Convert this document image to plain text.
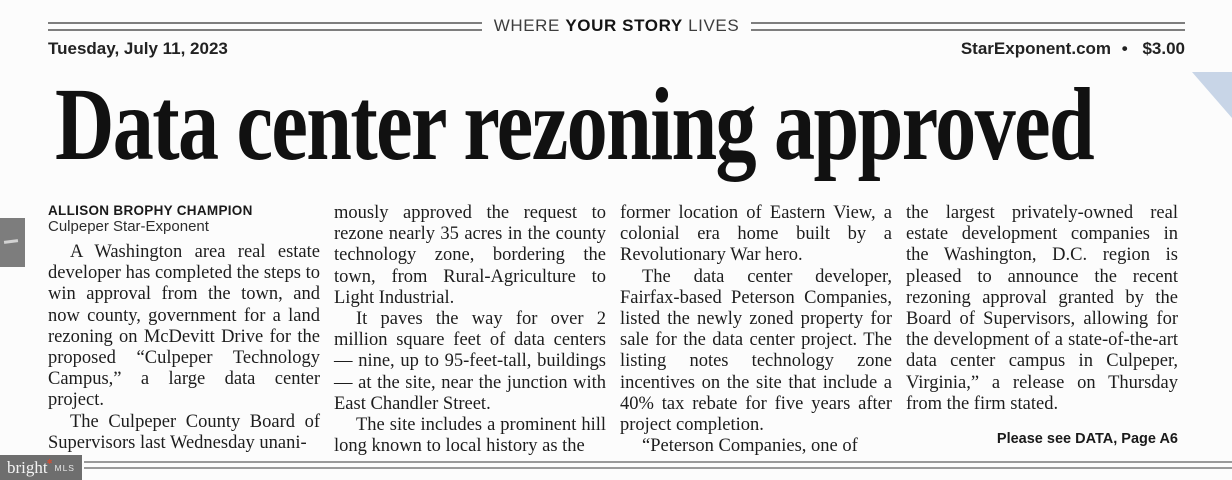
WHERE YOUR STORY LIVES
Tuesday, July 11, 2023	StarExponent.com • $3.00
Data center rezoning approved
ALLISON BROPHY CHAMPION
Culpeper Star-Exponent

A Washington area real estate developer has completed the steps to win approval from the town, and now county, government for a land rezoning on McDevitt Drive for the proposed “Culpeper Technology Campus,” a large data center project.

The Culpeper County Board of Supervisors last Wednesday unani-

mously approved the request to rezone nearly 35 acres in the county technology zone, bordering the town, from Rural-Agriculture to Light Industrial.

It paves the way for over 2 million square feet of data centers — nine, up to 95-feet-tall, buildings — at the site, near the junction with East Chandler Street.

The site includes a prominent hill long known to local history as the

former location of Eastern View, a colonial era home built by a Revolutionary War hero.

The data center developer, Fairfax-based Peterson Companies, listed the newly zoned property for sale for the data center project. The listing notes technology zone incentives on the site that include a 40% tax rebate for five years after project completion.

“Peterson Companies, one of

the largest privately-owned real estate development companies in the Washington, D.C. region is pleased to announce the recent rezoning approval granted by the Board of Supervisors, allowing for the development of a state-of-the-art data center campus in Culpeper, Virginia,” a release on Thursday from the firm stated.

Please see DATA, Page A6
bright ✱
MLS
